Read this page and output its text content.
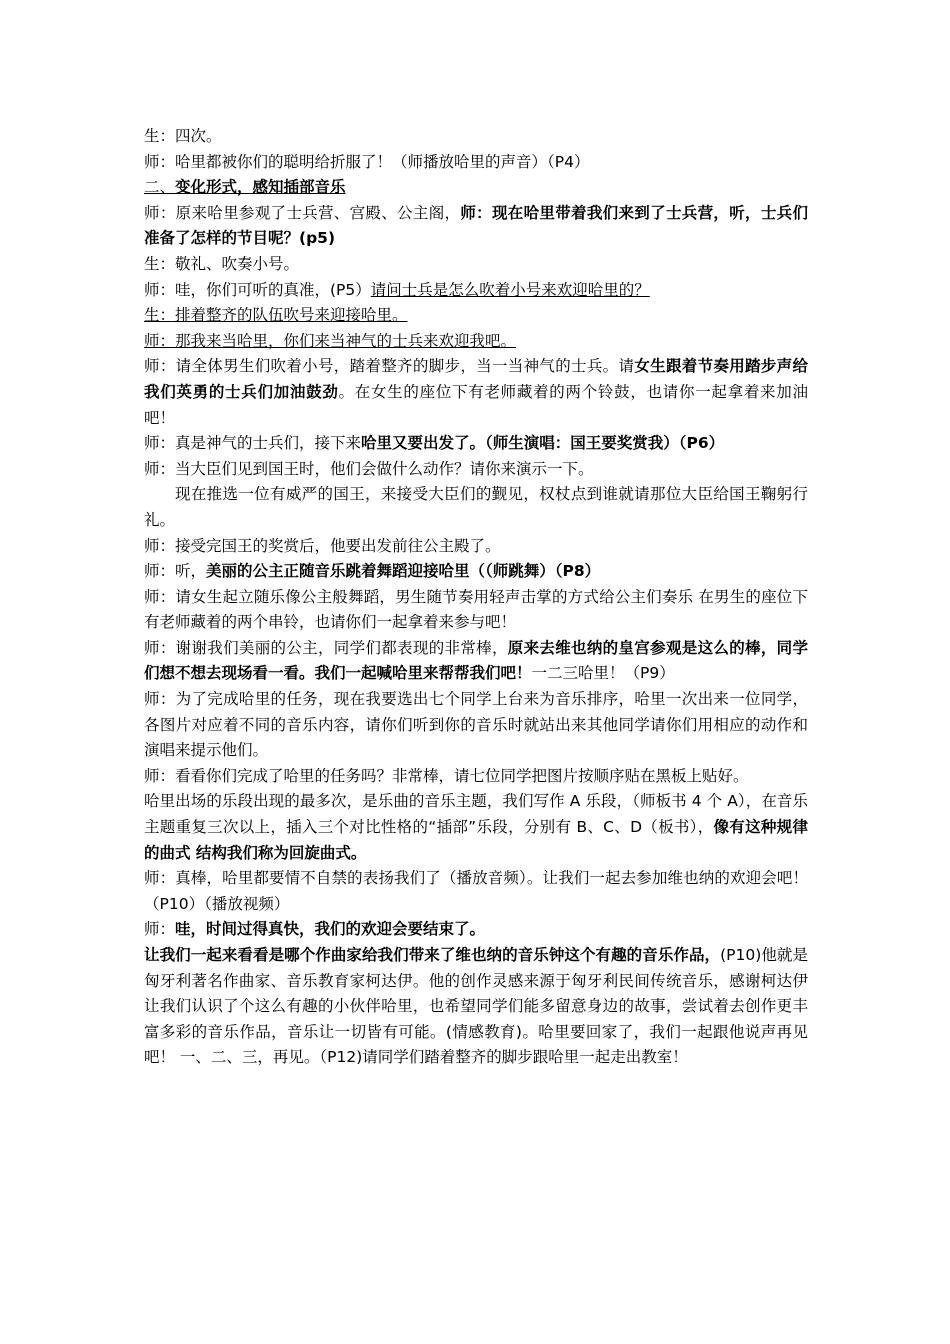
生：四次。

师：哈里都被你们的聪明给折服了！（师播放哈里的声音）（P4）

二、变化形式，感知插部音乐

师：原来哈里参观了士兵营、宫殿、公主阁，师：现在哈里带着我们来到了士兵营，听，士兵们准备了怎样的节目呢？(p5)

生：敬礼、吹奏小号。

师：哇，你们可听的真准，(P5）请问士兵是怎么吹着小号来欢迎哈里的？

生：排着整齐的队伍吹号来迎接哈里。

师：那我来当哈里，你们来当神气的士兵来欢迎我吧。

师：请全体男生们吹着小号，踏着整齐的脚步，当一当神气的士兵。请女生跟着节奏用踏步声给我们英勇的士兵们加油鼓劲。在女生的座位下有老师藏着的两个铃鼓，也请你一起拿着来加油吧！

师：真是神气的士兵们，接下来哈里又要出发了。（师生演唱：国王要奖赏我）（P6）

师：当大臣们见到国王时，他们会做什么动作？请你来演示一下。

现在推选一位有威严的国王，来接受大臣们的觐见，权杖点到谁就请那位大臣给国王鞠躬行礼。

师：接受完国王的奖赏后，他要出发前往公主殿了。

师：听，美丽的公主正随音乐跳着舞蹈迎接哈里（（师跳舞）（P8）

师：请女生起立随乐像公主般舞蹈，男生随节奏用轻声击掌的方式给公主们奏乐 在男生的座位下有老师藏着的两个串铃，也请你们一起拿着来参与吧！

师：谢谢我们美丽的公主，同学们都表现的非常棒，原来去维也纳的皇宫参观是这么的棒，同学们想不想去现场看一看。我们一起喊哈里来帮帮我们吧！一二三哈里！（P9）

师：为了完成哈里的任务，现在我要选出七个同学上台来为音乐排序，哈里一次出来一位同学，各图片对应着不同的音乐内容，请你们听到你的音乐时就站出来其他同学请你们用相应的动作和演唱来提示他们。

师：看看你们完成了哈里的任务吗？非常棒，请七位同学把图片按顺序贴在黑板上贴好。

哈里出场的乐段出现的最多次，是乐曲的音乐主题，我们写作 A 乐段，（师板书 4 个 A），在音乐主题重复三次以上，插入三个对比性格的“插部”乐段，分别有 B、C、D（板书），像有这种规律的曲式 结构我们称为回旋曲式。

师：真棒，哈里都要情不自禁的表扬我们了（播放音频）。让我们一起去参加维也纳的欢迎会吧！（P10）（播放视频）

师：哇，时间过得真快，我们的欢迎会要结束了。

让我们一起来看看是哪个作曲家给我们带来了维也纳的音乐钟这个有趣的音乐作品，(P10)他就是匈牙利著名作曲家、音乐教育家柯达伊。他的创作灵感来源于匈牙利民间传统音乐，感谢柯达伊让我们认识了个这么有趣的小伙伴哈里，也希望同学们能多留意身边的故事，尝试着去创作更丰富多彩的音乐作品，音乐让一切皆有可能。(情感教育)。哈里要回家了，我们一起跟他说声再见吧！ 一、二、三，再见。（P12)请同学们踏着整齐的脚步跟哈里一起走出教室！
